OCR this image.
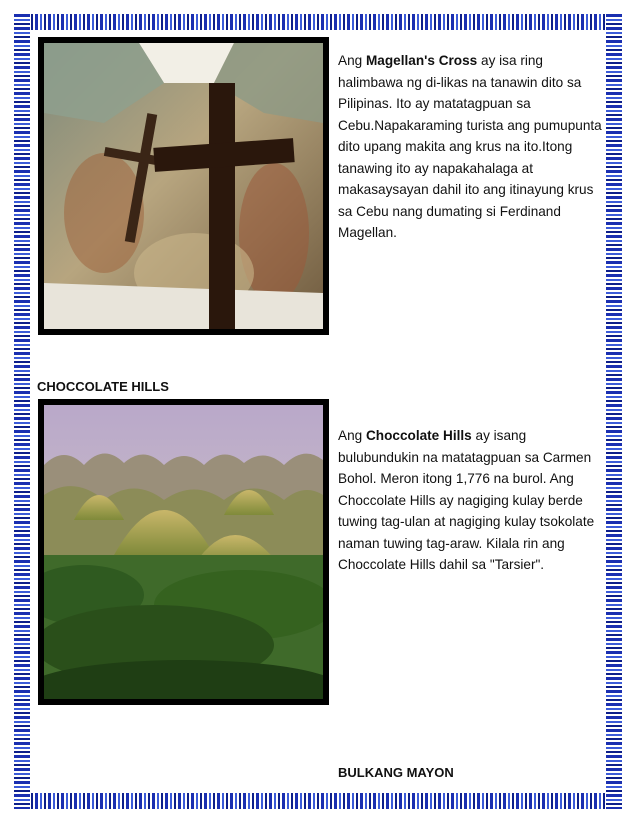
Ang Magellan's Cross ay isa ring halimbawa ng di-likas na tanawin dito sa Pilipinas. Ito ay matatagpuan sa Cebu.Napakaraming turista ang pumupunta dito upang makita ang krus na ito.Itong tanawing ito ay napakahalaga at makasaysayan dahil ito ang itinayung krus sa Cebu nang dumating si Ferdinand Magellan.
CHOCCOLATE HILLS
Ang Choccolate Hills ay isang bulubundukin na matatagpuan sa Carmen Bohol. Meron itong 1,776 na burol. Ang Choccolate Hills ay nagiging kulay berde tuwing tag-ulan at nagiging kulay tsokolate naman tuwing tag-araw. Kilala rin ang Choccolate Hills dahil sa "Tarsier".
BULKANG MAYON
